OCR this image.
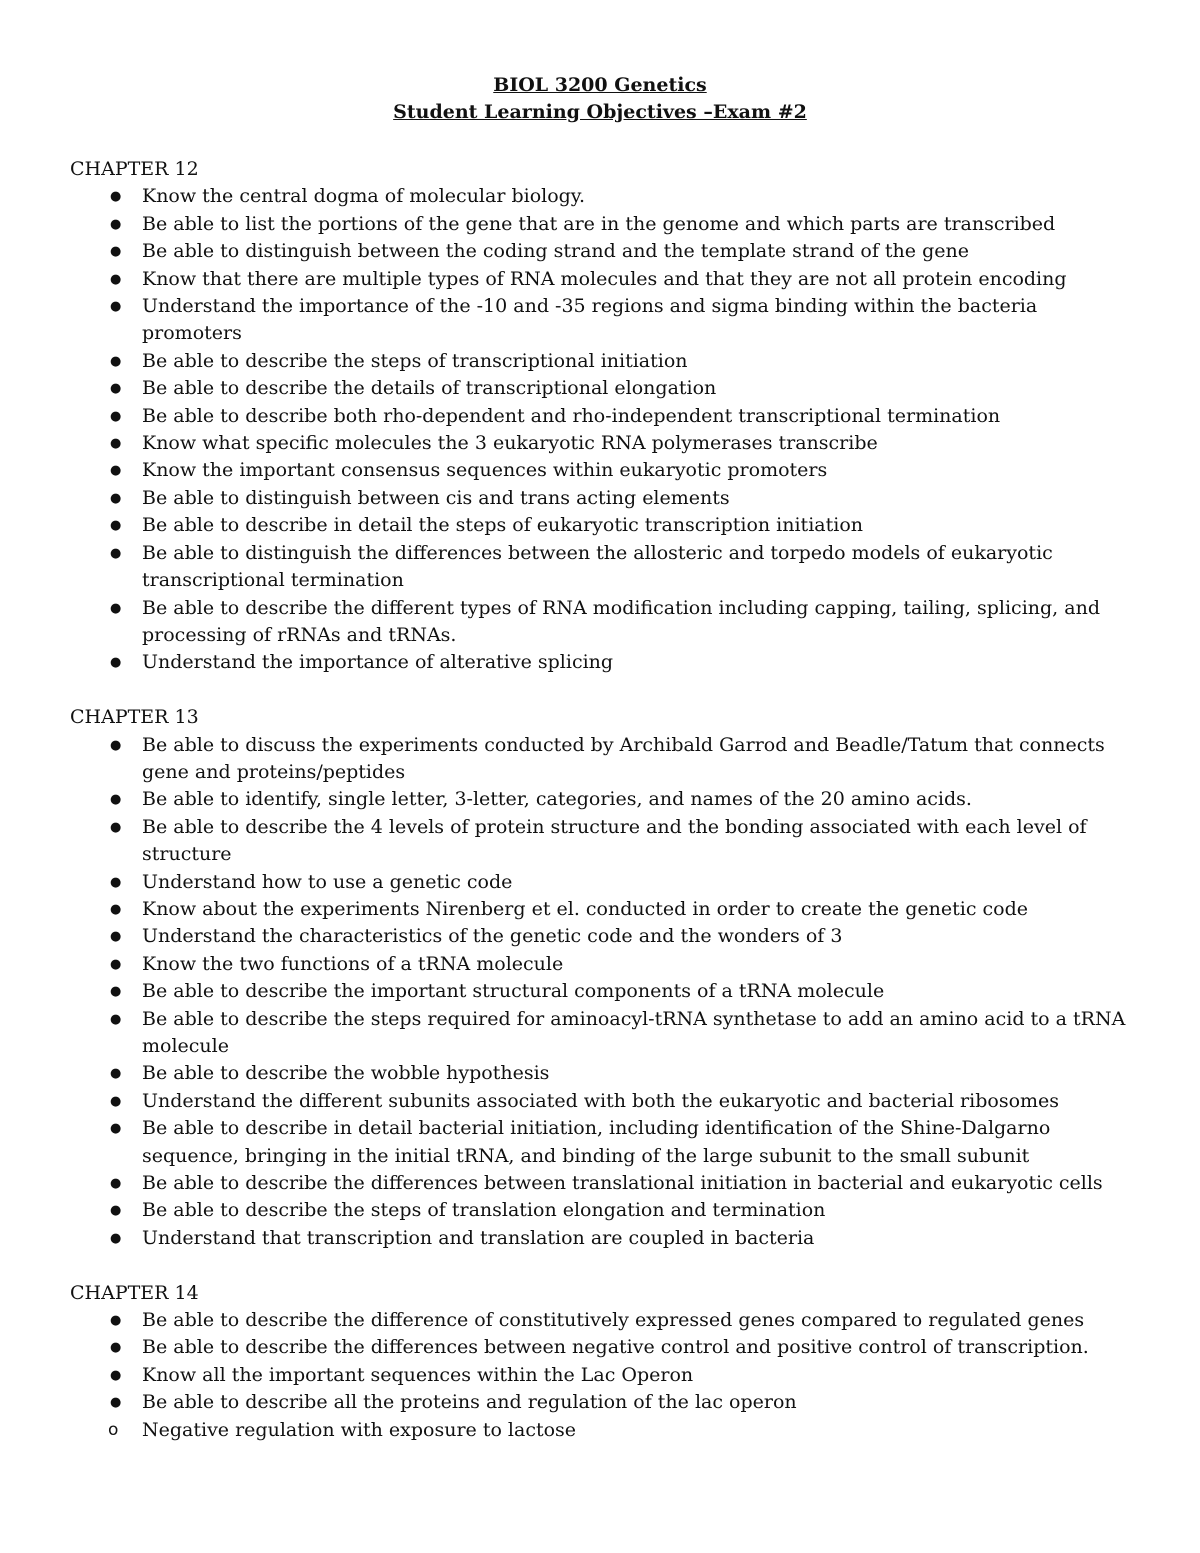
BIOL 3200 Genetics
Student Learning Objectives –Exam #2
CHAPTER 12
● Know the central dogma of molecular biology.
● Be able to list the portions of the gene that are in the genome and which parts are transcribed
● Be able to distinguish between the coding strand and the template strand of the gene
● Know that there are multiple types of RNA molecules and that they are not all protein encoding
● Understand the importance of the -10 and -35 regions and sigma binding within the bacteria promoters
● Be able to describe the steps of transcriptional initiation
● Be able to describe the details of transcriptional elongation
● Be able to describe both rho-dependent and rho-independent transcriptional termination
● Know what specific molecules the 3 eukaryotic RNA polymerases transcribe
● Know the important consensus sequences within eukaryotic promoters
● Be able to distinguish between cis and trans acting elements
● Be able to describe in detail the steps of eukaryotic transcription initiation
● Be able to distinguish the differences between the allosteric and torpedo models of eukaryotic transcriptional termination
● Be able to describe the different types of RNA modification including capping, tailing, splicing, and processing of rRNAs and tRNAs.
● Understand the importance of alterative splicing
CHAPTER 13
● Be able to discuss the experiments conducted by Archibald Garrod and Beadle/Tatum that connects gene and proteins/peptides
● Be able to identify, single letter, 3-letter, categories, and names of the 20 amino acids.
● Be able to describe the 4 levels of protein structure and the bonding associated with each level of structure
● Understand how to use a genetic code
● Know about the experiments Nirenberg et el. conducted in order to create the genetic code
● Understand the characteristics of the genetic code and the wonders of 3
● Know the two functions of a tRNA molecule
● Be able to describe the important structural components of a tRNA molecule
● Be able to describe the steps required for aminoacyl-tRNA synthetase to add an amino acid to a tRNA molecule
● Be able to describe the wobble hypothesis
● Understand the different subunits associated with both the eukaryotic and bacterial ribosomes
● Be able to describe in detail bacterial initiation, including identification of the Shine-Dalgarno sequence, bringing in the initial tRNA, and binding of the large subunit to the small subunit
● Be able to describe the differences between translational initiation in bacterial and eukaryotic cells
● Be able to describe the steps of translation elongation and termination
● Understand that transcription and translation are coupled in bacteria
CHAPTER 14
● Be able to describe the difference of constitutively expressed genes compared to regulated genes
● Be able to describe the differences between negative control and positive control of transcription.
● Know all the important sequences within the Lac Operon
● Be able to describe all the proteins and regulation of the lac operon
o Negative regulation with exposure to lactose
